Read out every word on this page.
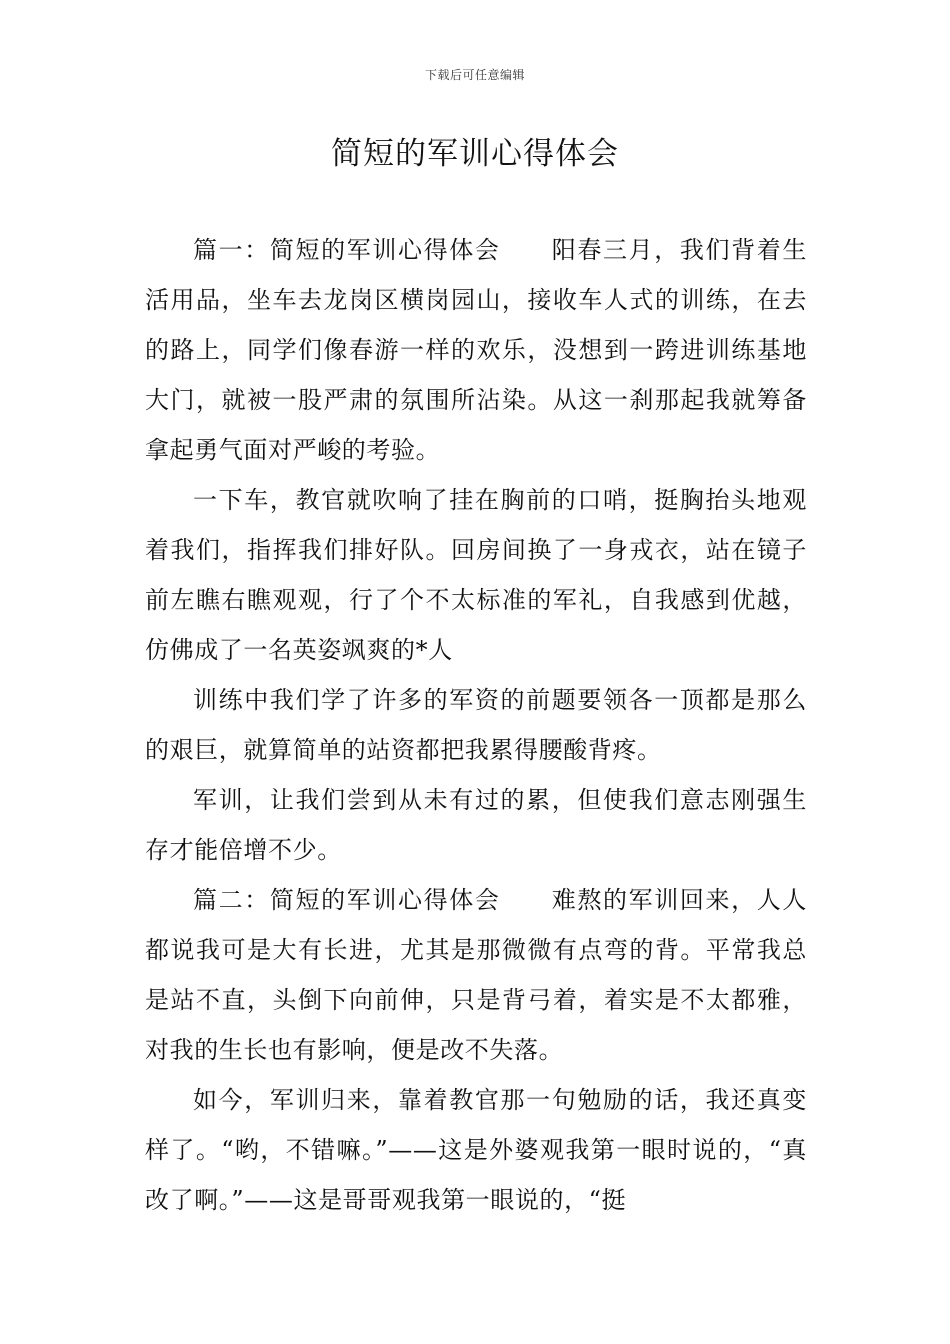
下载后可任意编辑
简短的军训心得体会

篇一：简短的军训心得体会　　阳春三月，我们背着生活用品，坐车去龙岗区横岗园山，接收车人式的训练，在去的路上，同学们像春游一样的欢乐，没想到一跨进训练基地大门，就被一股严肃的氛围所沾染。从这一刹那起我就筹备拿起勇气面对严峻的考验。

一下车，教官就吹响了挂在胸前的口哨，挺胸抬头地观着我们，指挥我们排好队。回房间换了一身戎衣，站在镜子前左瞧右瞧观观，行了个不太标准的军礼，自我感到优越，仿佛成了一名英姿飒爽的*人

训练中我们学了许多的军资的前题要领各一顶都是那么的艰巨，就算简单的站资都把我累得腰酸背疼。

军训，让我们尝到从未有过的累，但使我们意志刚强生存才能倍增不少。

篇二：简短的军训心得体会　　难熬的军训回来，人人都说我可是大有长进，尤其是那微微有点弯的背。平常我总是站不直，头倒下向前伸，只是背弓着，着实是不太都雅，对我的生长也有影响，便是改不失落。

如今，军训归来，靠着教官那一句勉励的话，我还真变样了。“哟，不错嘛。”——这是外婆观我第一眼时说的，“真改了啊。”——这是哥哥观我第一眼说的，“挺
